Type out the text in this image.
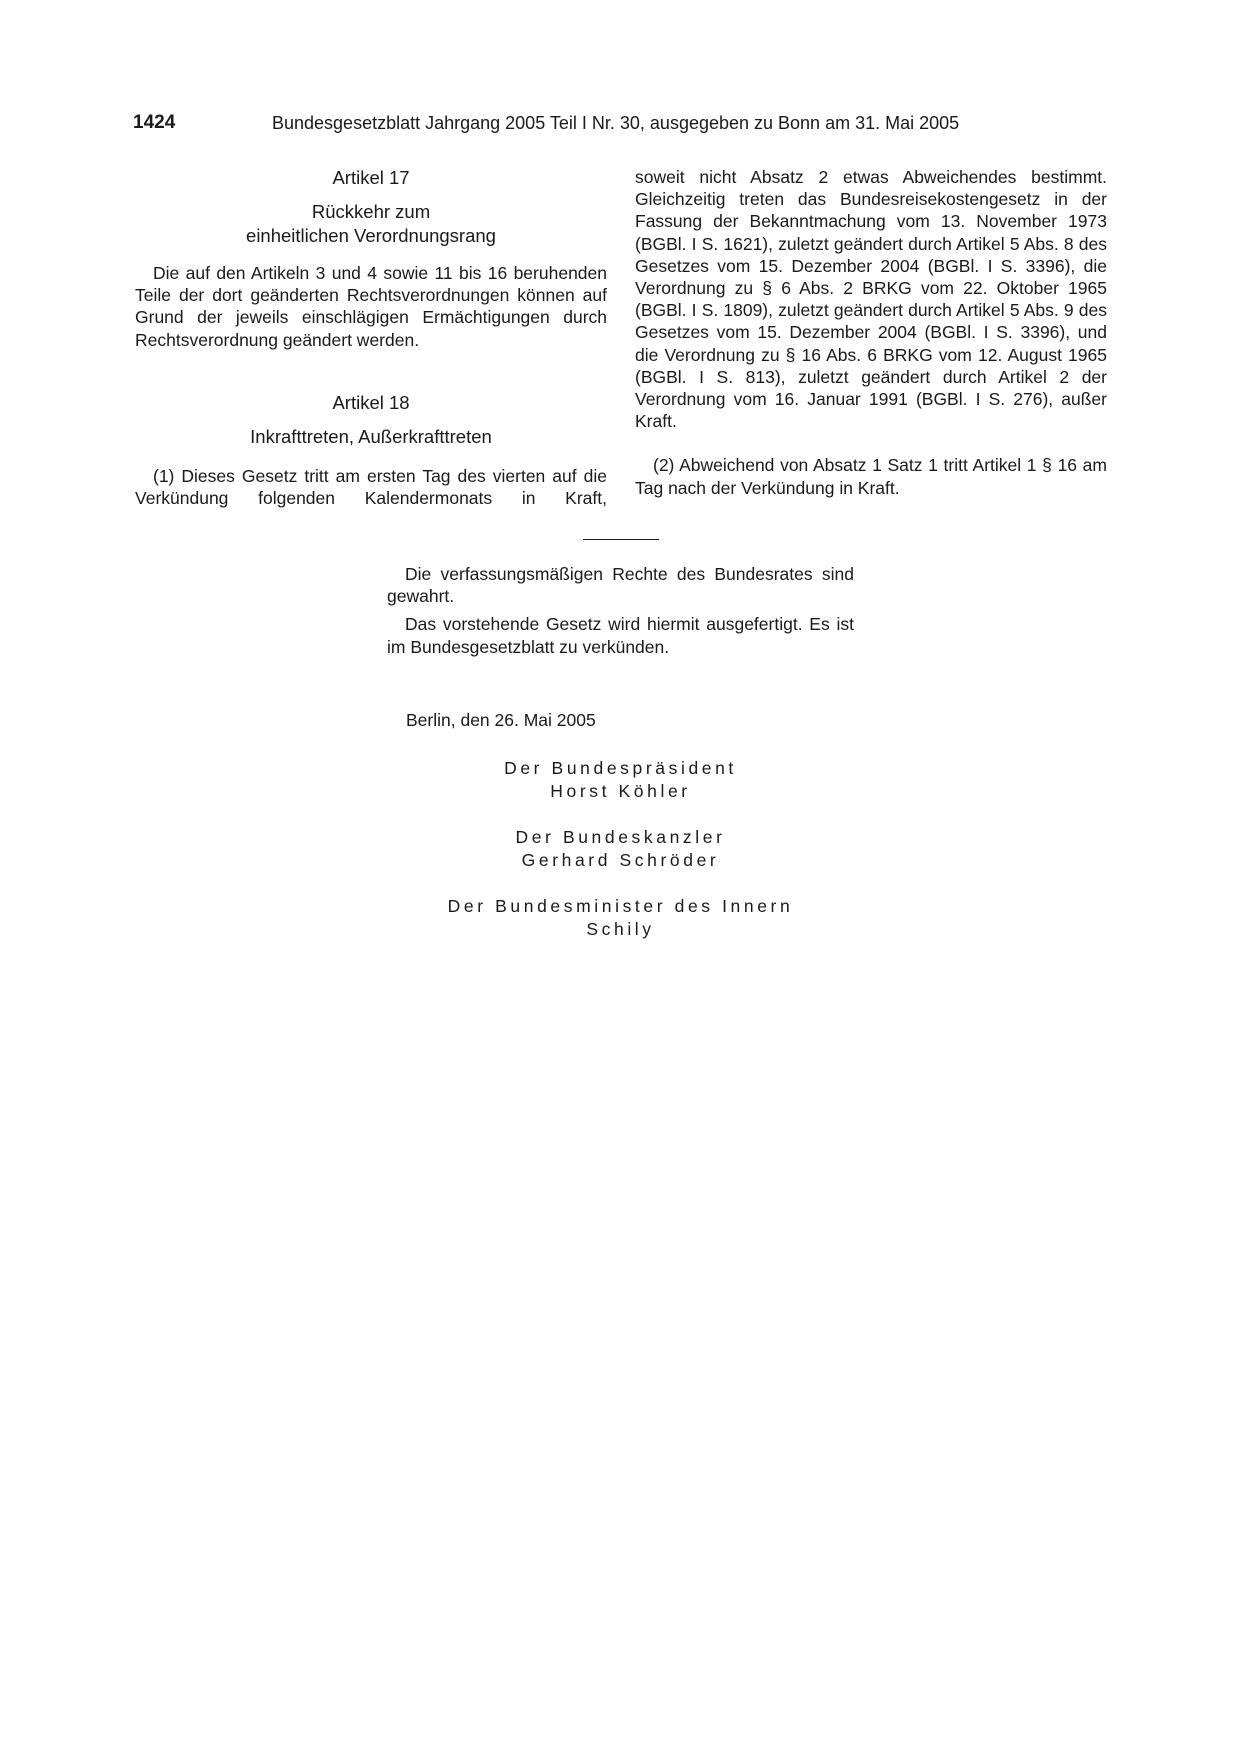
1424	Bundesgesetzblatt Jahrgang 2005 Teil I Nr. 30, ausgegeben zu Bonn am 31. Mai 2005
Artikel 17
Rückkehr zum
einheitlichen Verordnungsrang

Die auf den Artikeln 3 und 4 sowie 11 bis 16 beruhenden Teile der dort geänderten Rechtsverordnungen können auf Grund der jeweils einschlägigen Ermächtigungen durch Rechtsverordnung geändert werden.

Artikel 18
Inkrafttreten, Außerkrafttreten

(1) Dieses Gesetz tritt am ersten Tag des vierten auf die Verkündung folgenden Kalendermonats in Kraft,

soweit nicht Absatz 2 etwas Abweichendes bestimmt. Gleichzeitig treten das Bundesreisekostengesetz in der Fassung der Bekanntmachung vom 13. November 1973 (BGBl. I S. 1621), zuletzt geändert durch Artikel 5 Abs. 8 des Gesetzes vom 15. Dezember 2004 (BGBl. I S. 3396), die Verordnung zu § 6 Abs. 2 BRKG vom 22. Oktober 1965 (BGBl. I S. 1809), zuletzt geändert durch Artikel 5 Abs. 9 des Gesetzes vom 15. Dezember 2004 (BGBl. I S. 3396), und die Verordnung zu § 16 Abs. 6 BRKG vom 12. August 1965 (BGBl. I S. 813), zuletzt geändert durch Artikel 2 der Verordnung vom 16. Januar 1991 (BGBl. I S. 276), außer Kraft.

(2) Abweichend von Absatz 1 Satz 1 tritt Artikel 1 § 16 am Tag nach der Verkündung in Kraft.

Die verfassungsmäßigen Rechte des Bundesrates sind gewahrt.

Das vorstehende Gesetz wird hiermit ausgefertigt. Es ist im Bundesgesetzblatt zu verkünden.

Berlin, den 26. Mai 2005
Der Bundespräsident
Horst Köhler
Der Bundeskanzler
Gerhard Schröder
Der Bundesminister des Innern
Schily
